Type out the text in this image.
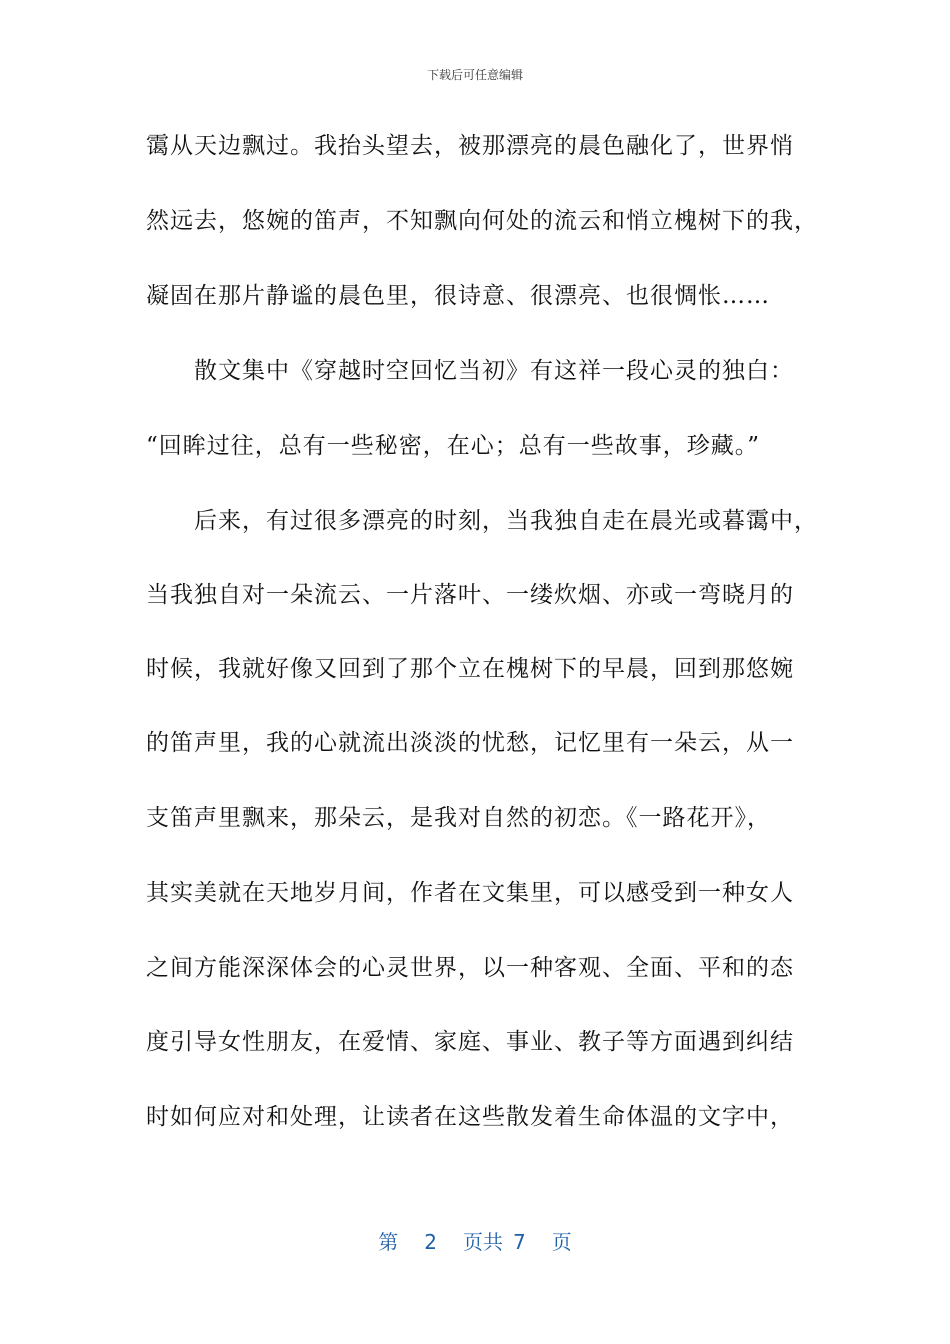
下载后可任意编辑
霭从天边飘过。我抬头望去，被那漂亮的晨色融化了，世界悄
然远去，悠婉的笛声，不知飘向何处的流云和悄立槐树下的我，
凝固在那片静谧的晨色里，很诗意、很漂亮、也很惆怅……
散文集中《穿越时空回忆当初》有这祥一段心灵的独白：
“回眸过往，总有一些秘密，在心；总有一些故事，珍藏。”
后来，有过很多漂亮的时刻，当我独自走在晨光或暮霭中，
当我独自对一朵流云、一片落叶、一缕炊烟、亦或一弯晓月的
时候，我就好像又回到了那个立在槐树下的早晨，回到那悠婉
的笛声里，我的心就流出淡淡的忧愁，记忆里有一朵云，从一
支笛声里飘来，那朵云，是我对自然的初恋。《一路花开》，
其实美就在天地岁月间，作者在文集里，可以感受到一种女人
之间方能深深体会的心灵世界，以一种客观、全面、平和的态
度引导女性朋友，在爱情、家庭、事业、教子等方面遇到纠结
时如何应对和处理，让读者在这些散发着生命体温的文字中，
第 2 页共 7 页
